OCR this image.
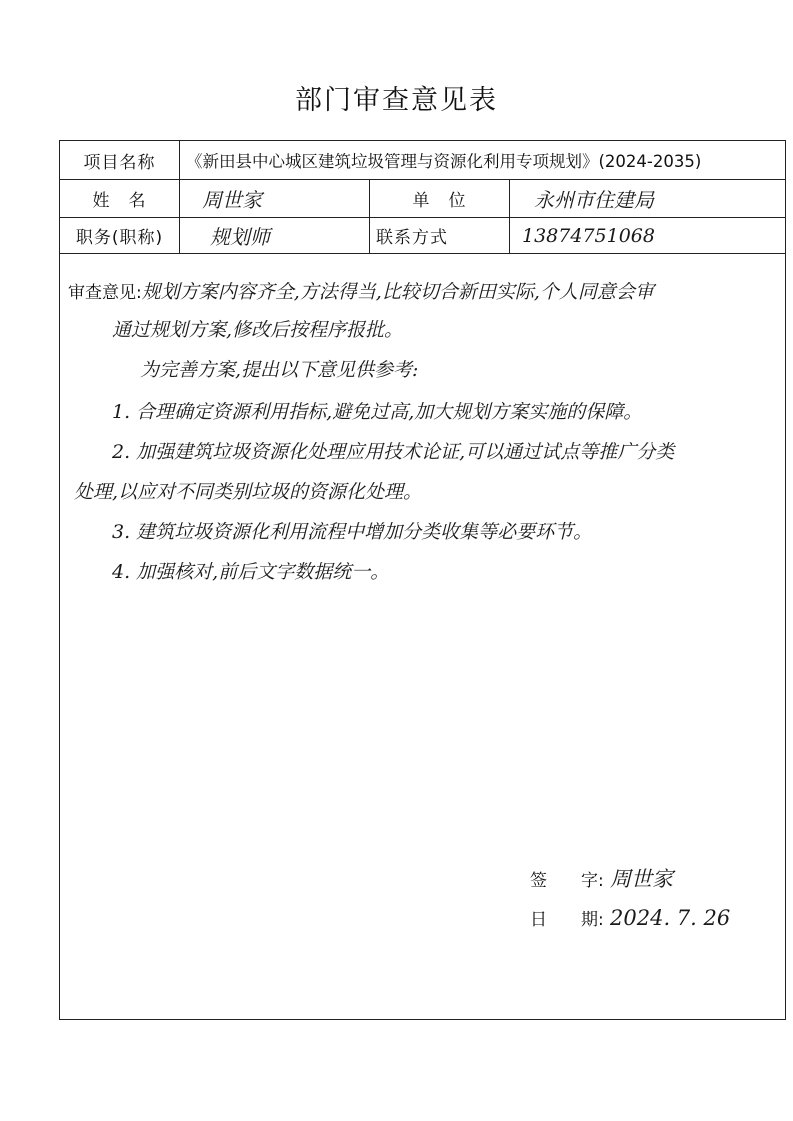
部门审查意见表
项目名称	《新田县中心城区建筑垃圾管理与资源化利用专项规划》(2024-2035)
姓　名	周世家	单　位	永州市住建局
职务(职称)	规划师	联系方式	13874751068
审查意见:规划方案内容齐全,方法得当,比较切合新田实际,个人同意会审
通过规划方案,修改后按程序报批。
为完善方案,提出以下意见供参考:
1. 合理确定资源利用指标,避免过高,加大规划方案实施的保障。
2. 加强建筑垃圾资源化处理应用技术论证,可以通过试点等推广分类
处理,以应对不同类别垃圾的资源化处理。
3. 建筑垃圾资源化利用流程中增加分类收集等必要环节。
4. 加强核对,前后文字数据统一。
签　　字: 周世家
日　　期: 2024. 7. 26
